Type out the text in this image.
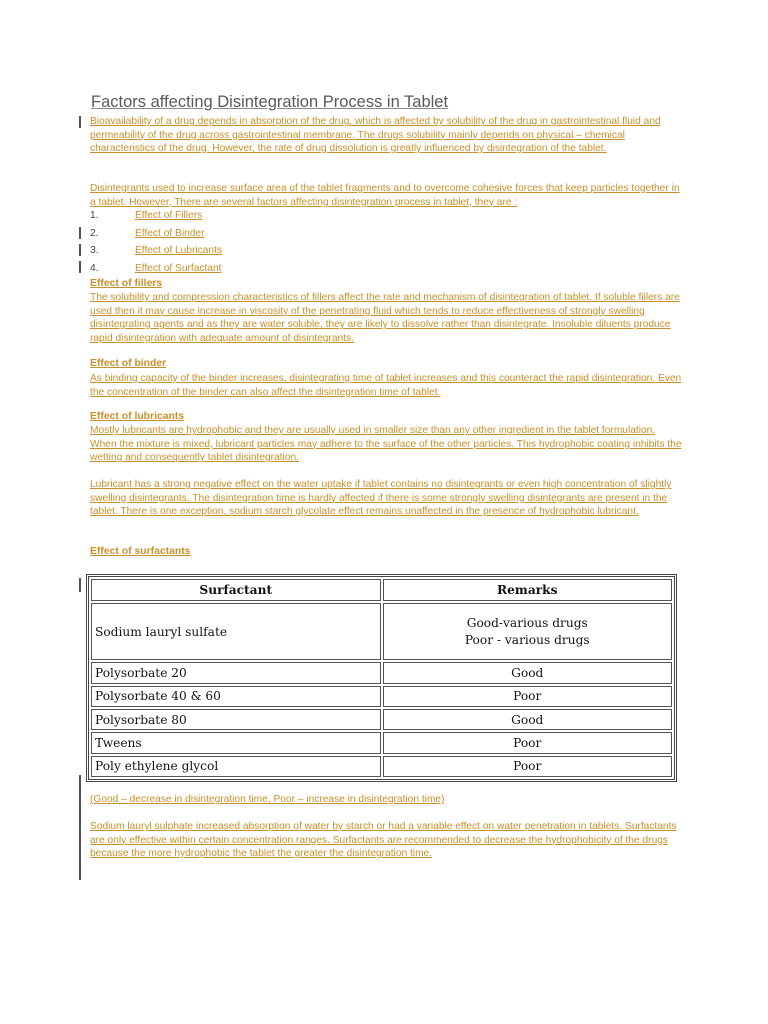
Factors affecting Disintegration Process in Tablet
Bioavailability of a drug depends in absorption of the drug, which is affected by solubility of the drug in gastrointestinal fluid and permeability of the drug across gastrointestinal membrane. The drugs solubility mainly depends on physical – chemical characteristics of the drug. However, the rate of drug dissolution is greatly influenced by disintegration of the tablet.
Disintegrants used to increase surface area of the tablet fragments and to overcome cohesive forces that keep particles together in a tablet. However, There are several factors affecting disintegration process in tablet, they are :
1.	Effect of Fillers
2.	Effect of Binder
3.	Effect of Lubricants
4.	Effect of Surfactant
Effect of fillers
The solubility and compression characteristics of fillers affect the rate and mechanism of disintegration of tablet. If soluble fillers are used then it may cause increase in viscosity of the penetrating fluid which tends to reduce effectiveness of strongly swelling disintegrating agents and as they are water soluble, they are likely to dissolve rather than disintegrate. Insoluble diluents produce rapid disintegration with adequate amount of disintegrants.
Effect of binder
As binding capacity of the binder increases, disintegrating time of tablet increases and this counteract the rapid disintegration. Even the concentration of the binder can also affect the disintegration time of tablet.
Effect of lubricants
Mostly lubricants are hydrophobic and they are usually used in smaller size than any other ingredient in the tablet formulation. When the mixture is mixed, lubricant particles may adhere to the surface of the other particles. This hydrophobic coating inhibits the wetting and consequently tablet disintegration.
Lubricant has a strong negative effect on the water uptake if tablet contains no disintegrants or even high concentration of slightly swelling disintegrants. The disintegration time is hardly affected if there is some strongly swelling disintegrants are present in the tablet. There is one exception, sodium starch glycolate effect remains unaffected in the presence of hydrophobic lubricant.
Effect of surfactants
Surfactant	Remarks
Sodium lauryl sulfate	Good-various drugs
Poor - various drugs

Polysorbate 20	Good
Polysorbate 40 & 60	Poor
Polysorbate 80	Good
Tweens	Poor
Poly ethylene glycol	Poor
(Good – decrease in disintegration time, Poor – increase in disintegration time)
Sodium lauryl sulphate increased absorption of water by starch or had a variable effect on water penetration in tablets. Surfactants are only effective within certain concentration ranges. Surfactants are recommended to decrease the hydrophobicity of the drugs because the more hydrophobic the tablet the greater the disintegration time.
